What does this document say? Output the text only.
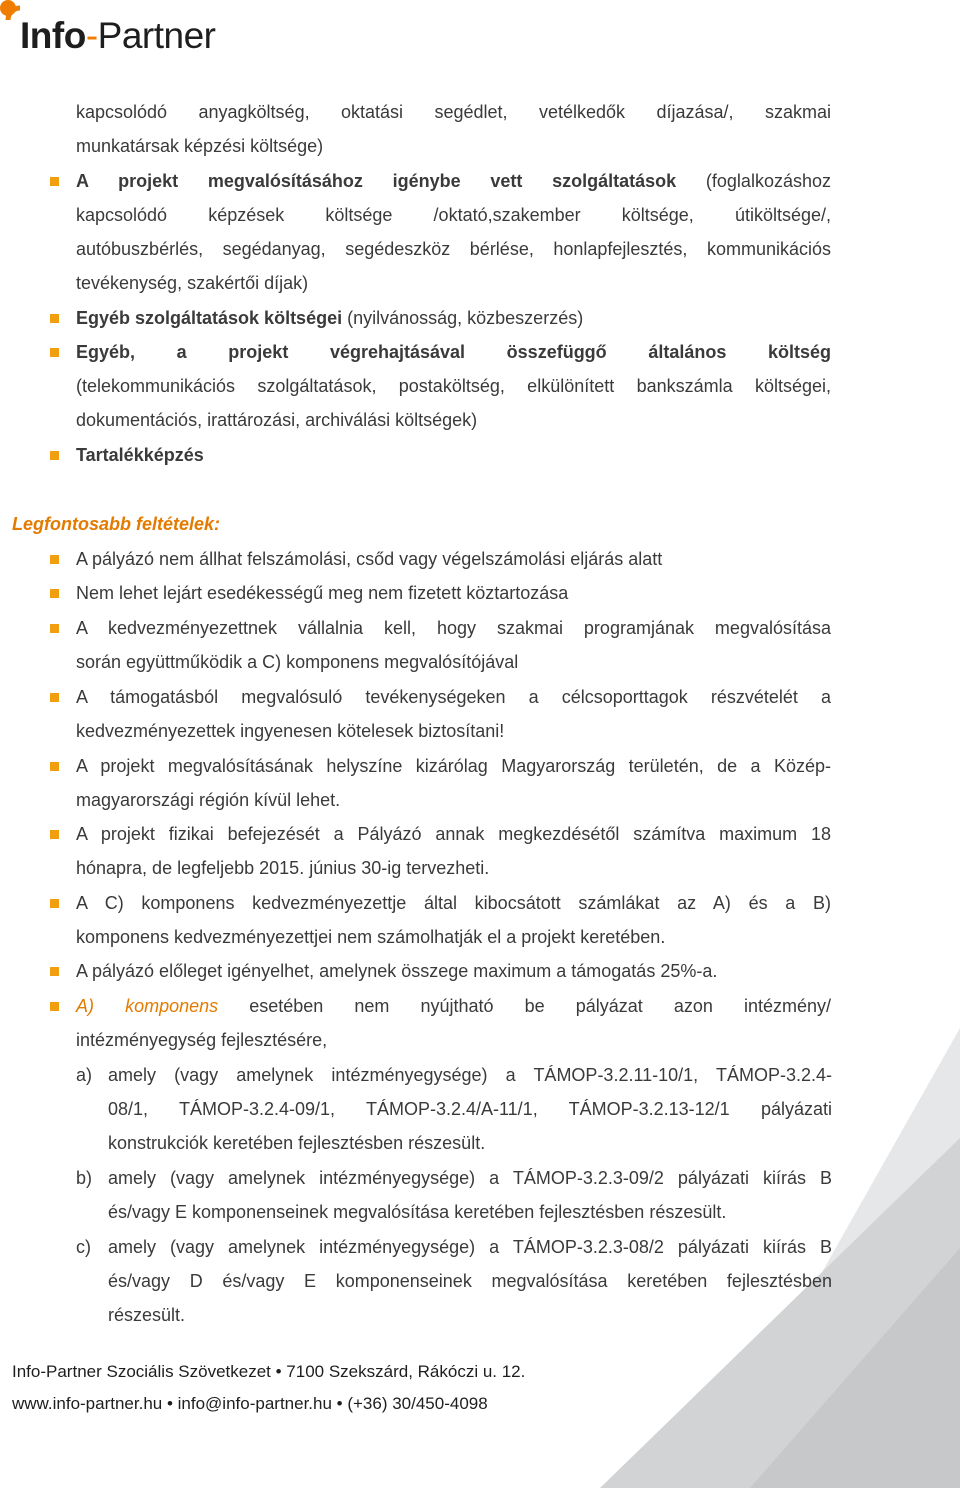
Info-Partner
kapcsolódó anyagköltség, oktatási segédlet, vetélkedők díjazása/, szakmai
munkatársak képzési költsége)
A projekt megvalósításához igénybe vett szolgáltatások (foglalkozáshoz
kapcsolódó képzések költsége /oktató,szakember költsége, útiköltsége/,
autóbuszbérlés, segédanyag, segédeszköz bérlése, honlapfejlesztés, kommunikációs
tevékenység, szakértői díjak)
Egyéb szolgáltatások költségei (nyilvánosság, közbeszerzés)
Egyéb, a projekt végrehajtásával összefüggő általános költség
(telekommunikációs szolgáltatások, postaköltség, elkülönített bankszámla költségei,
dokumentációs, irattározási, archiválási költségek)
Tartalékképzés
Legfontosabb feltételek:
A pályázó nem állhat felszámolási, csőd vagy végelszámolási eljárás alatt
Nem lehet lejárt esedékességű meg nem fizetett köztartozása
A kedvezményezettnek vállalnia kell, hogy szakmai programjának megvalósítása
során együttműködik a C) komponens megvalósítójával
A támogatásból megvalósuló tevékenységeken a célcsoporttagok részvételét a
kedvezményezettek ingyenesen kötelesek biztosítani!
A projekt megvalósításának helyszíne kizárólag Magyarország területén, de a Közép-
magyarországi régión kívül lehet.
A projekt fizikai befejezését a Pályázó annak megkezdésétől számítva maximum 18
hónapra, de legfeljebb 2015. június 30-ig tervezheti.
A C) komponens kedvezményezettje által kibocsátott számlákat az A) és a B)
komponens kedvezményezettjei nem számolhatják el a projekt keretében.
A pályázó előleget igényelhet, amelynek összege maximum a támogatás 25%-a.
A) komponens esetében nem nyújtható be pályázat azon intézmény/
intézményegység fejlesztésére,
a) amely (vagy amelynek intézményegysége) a TÁMOP-3.2.11-10/1, TÁMOP-3.2.4-
08/1, TÁMOP-3.2.4-09/1, TÁMOP-3.2.4/A-11/1, TÁMOP-3.2.13-12/1 pályázati
konstrukciók keretében fejlesztésben részesült.
b) amely (vagy amelynek intézményegysége) a TÁMOP-3.2.3-09/2 pályázati kiírás B
és/vagy E komponenseinek megvalósítása keretében fejlesztésben részesült.
c) amely (vagy amelynek intézményegysége) a TÁMOP-3.2.3-08/2 pályázati kiírás B
és/vagy D és/vagy E komponenseinek megvalósítása keretében fejlesztésben
részesült.
Info-Partner Szociális Szövetkezet • 7100 Szekszárd, Rákóczi u. 12.
www.info-partner.hu • info@info-partner.hu • (+36) 30/450-4098
